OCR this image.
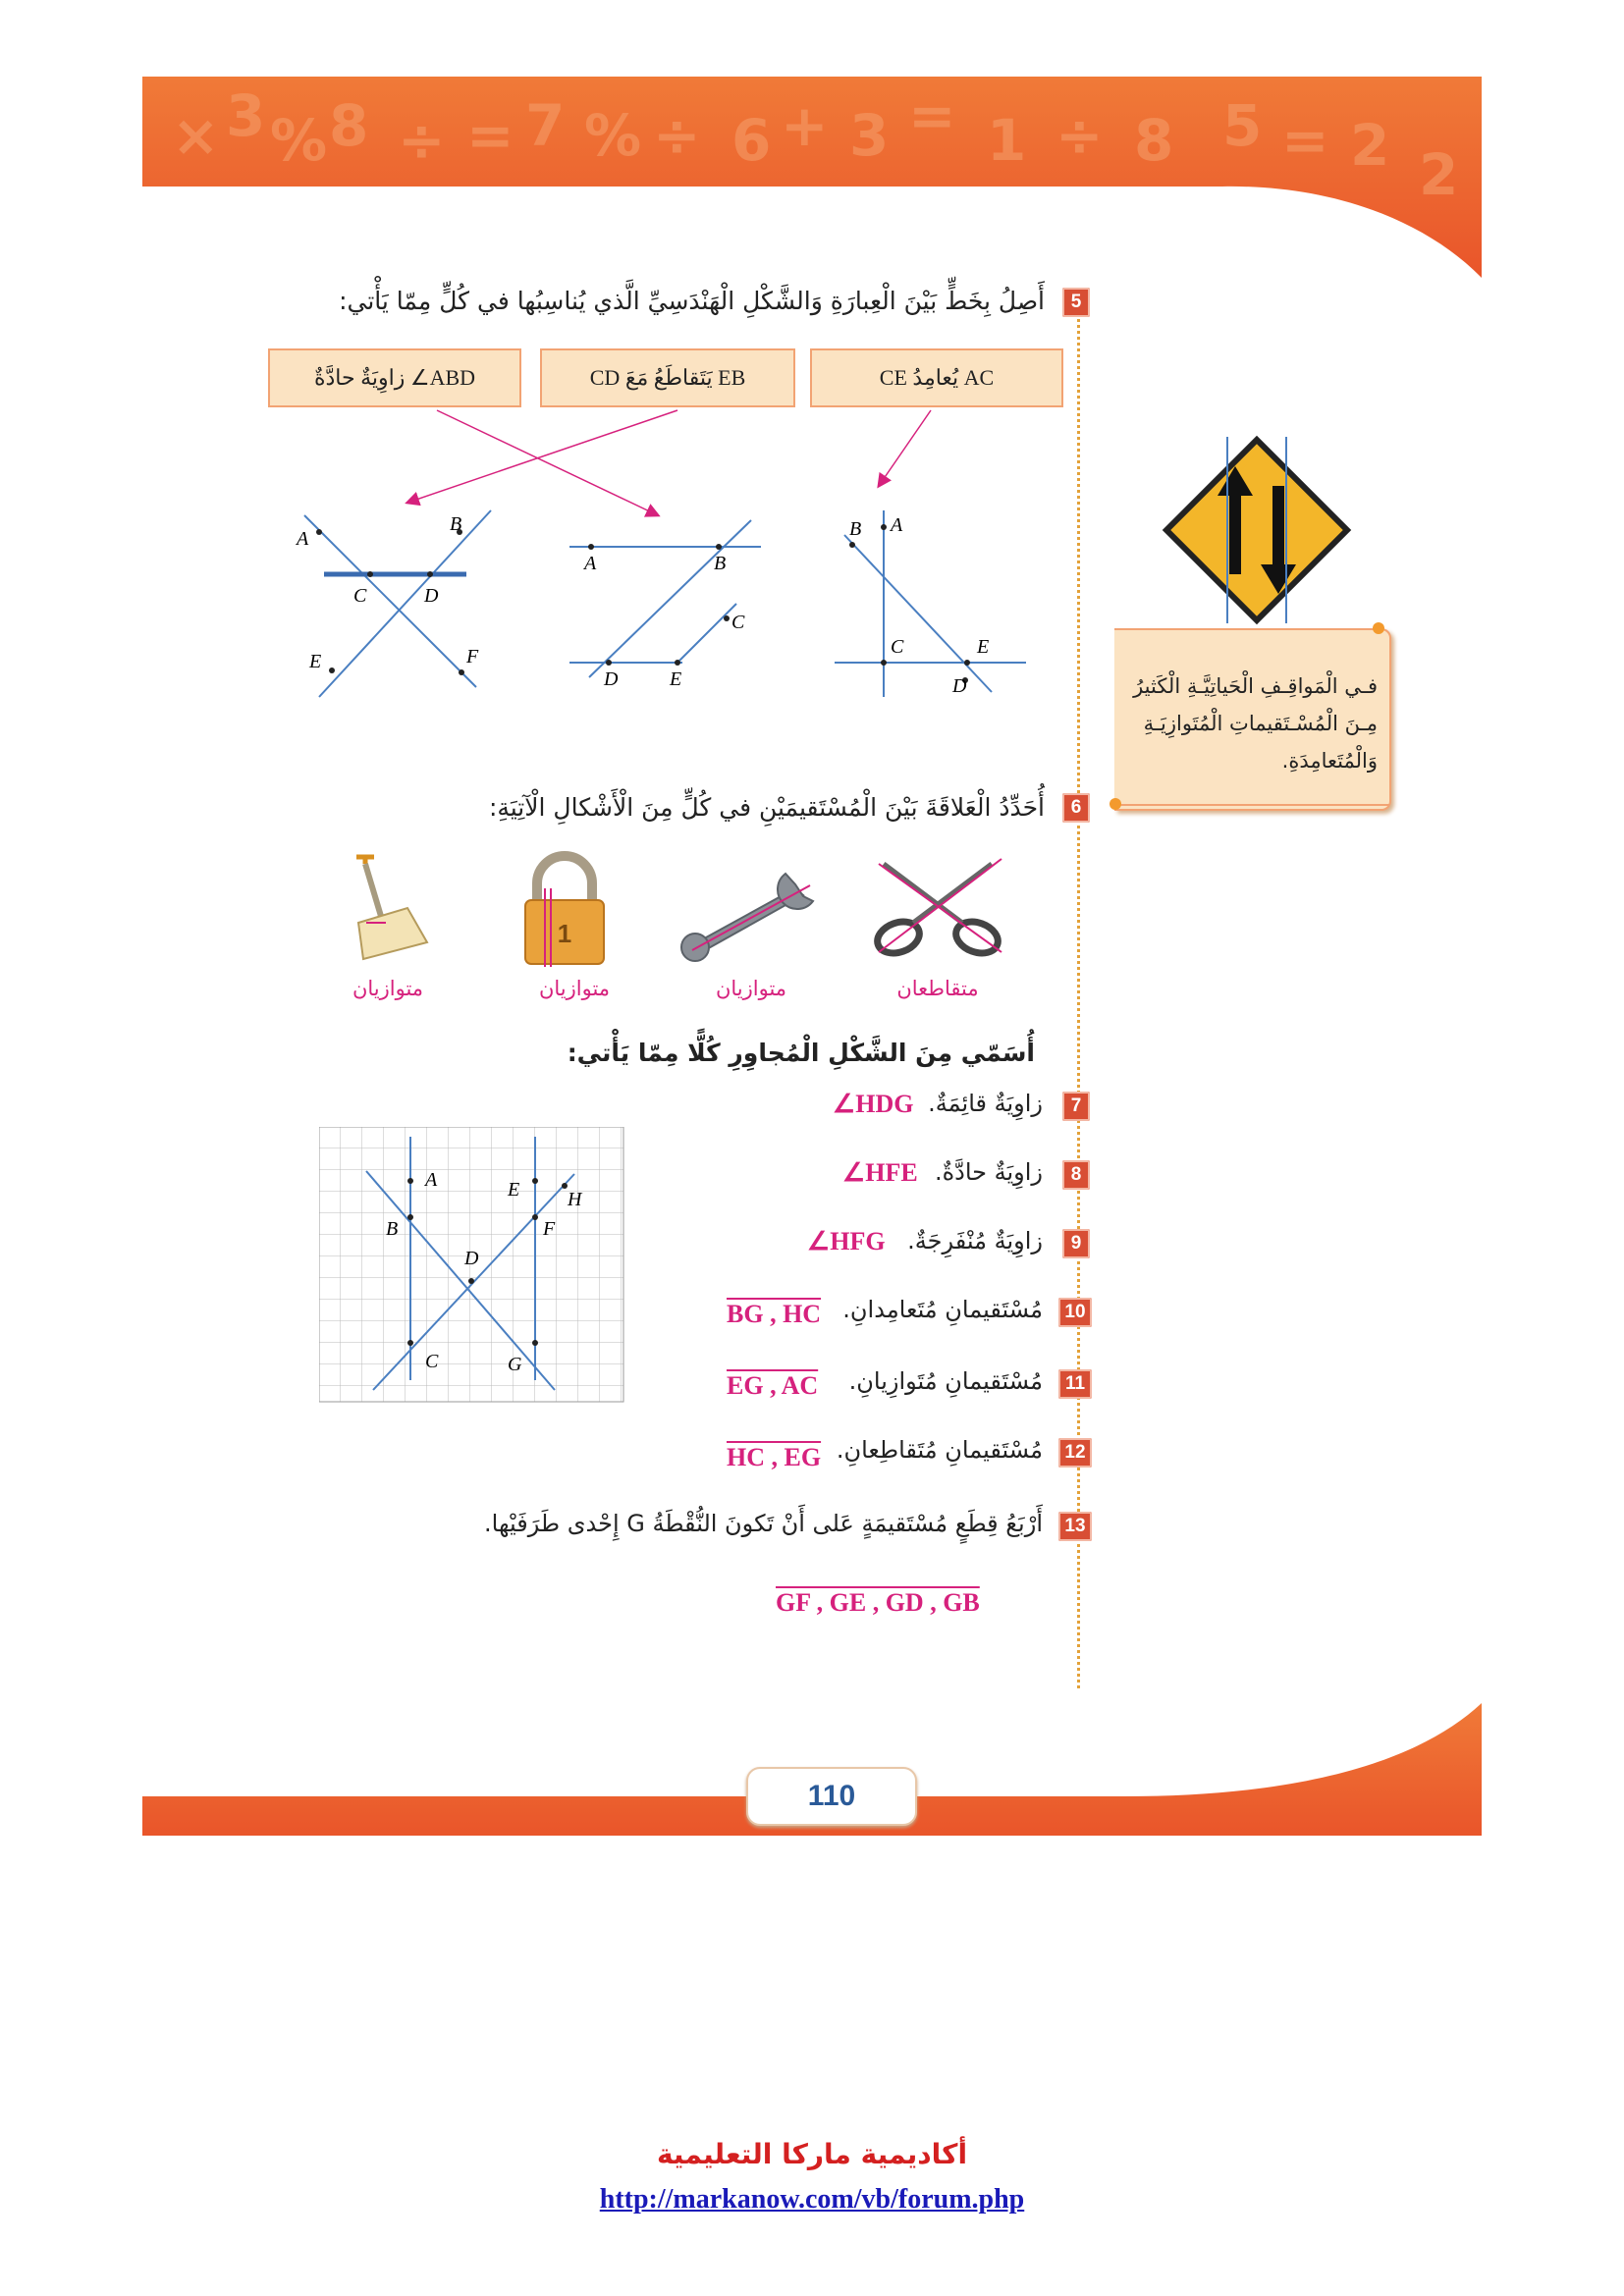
× 3 % 8 ÷ = 7 % ÷ 6 + 3 = 1 ÷ 8 5 = 2 2
5
أَصِلُ بِخَطٍّ بَيْنَ الْعِبارَةِ وَالشَّكْلِ الْهَنْدَسِيِّ الَّذي يُناسِبُها في كُلٍّ مِمّا يَأْتي:
ABD∠ زاوِيَةٌ حادَّةٌ	EB يَتَقاطَعُ مَعَ CD	AC يُعامِدُ CE
A
B
C	D
E	F
A	B
C
D	E
A
B
C	E
D	فـي الْمَواقِـفِ الْحَياتِيَّـةِ الْكَثيرُ
مِـنَ الْمُسْـتَقيماتِ الْمُتَوازِيَـةِ
وَالْمُتَعامِدَةِ.
6
أُحَدِّدُ الْعَلاقَةَ بَيْنَ الْمُسْتَقيمَيْنِ في كُلٍّ مِنَ الْأَشْكالِ الْآتِيَةِ:
1
متقاطعان
متوازيان
متوازيان
متوازيان
أُسَمّي مِنَ الشَّكْلِ الْمُجاوِرِ كُلًّا مِمّا يَأْتي:
A
B
D
E
F
H
C	G
7
زاوِيَةٌ قائِمَةٌ.
∠HDG
8
زاوِيَةٌ حادَّةٌ.
∠HFE
9
زاوِيَةٌ مُنْفَرِجَةٌ.
∠HFG
10
مُسْتَقيمانِ مُتَعامِدانِ.
BG , HC
11
مُسْتَقيمانِ مُتَوازِيانِ.
EG , AC
12
مُسْتَقيمانِ مُتَقاطِعانِ.
HC , EG
13
أَرْبَعُ قِطَعٍ مُسْتَقيمَةٍ عَلى أَنْ تَكونَ النُّقْطَةُ G إِحْدى طَرَفَيْها.
GF , GE , GD , GB
110
أكاديمية ماركا التعليمية
http://markanow.com/vb/forum.php
